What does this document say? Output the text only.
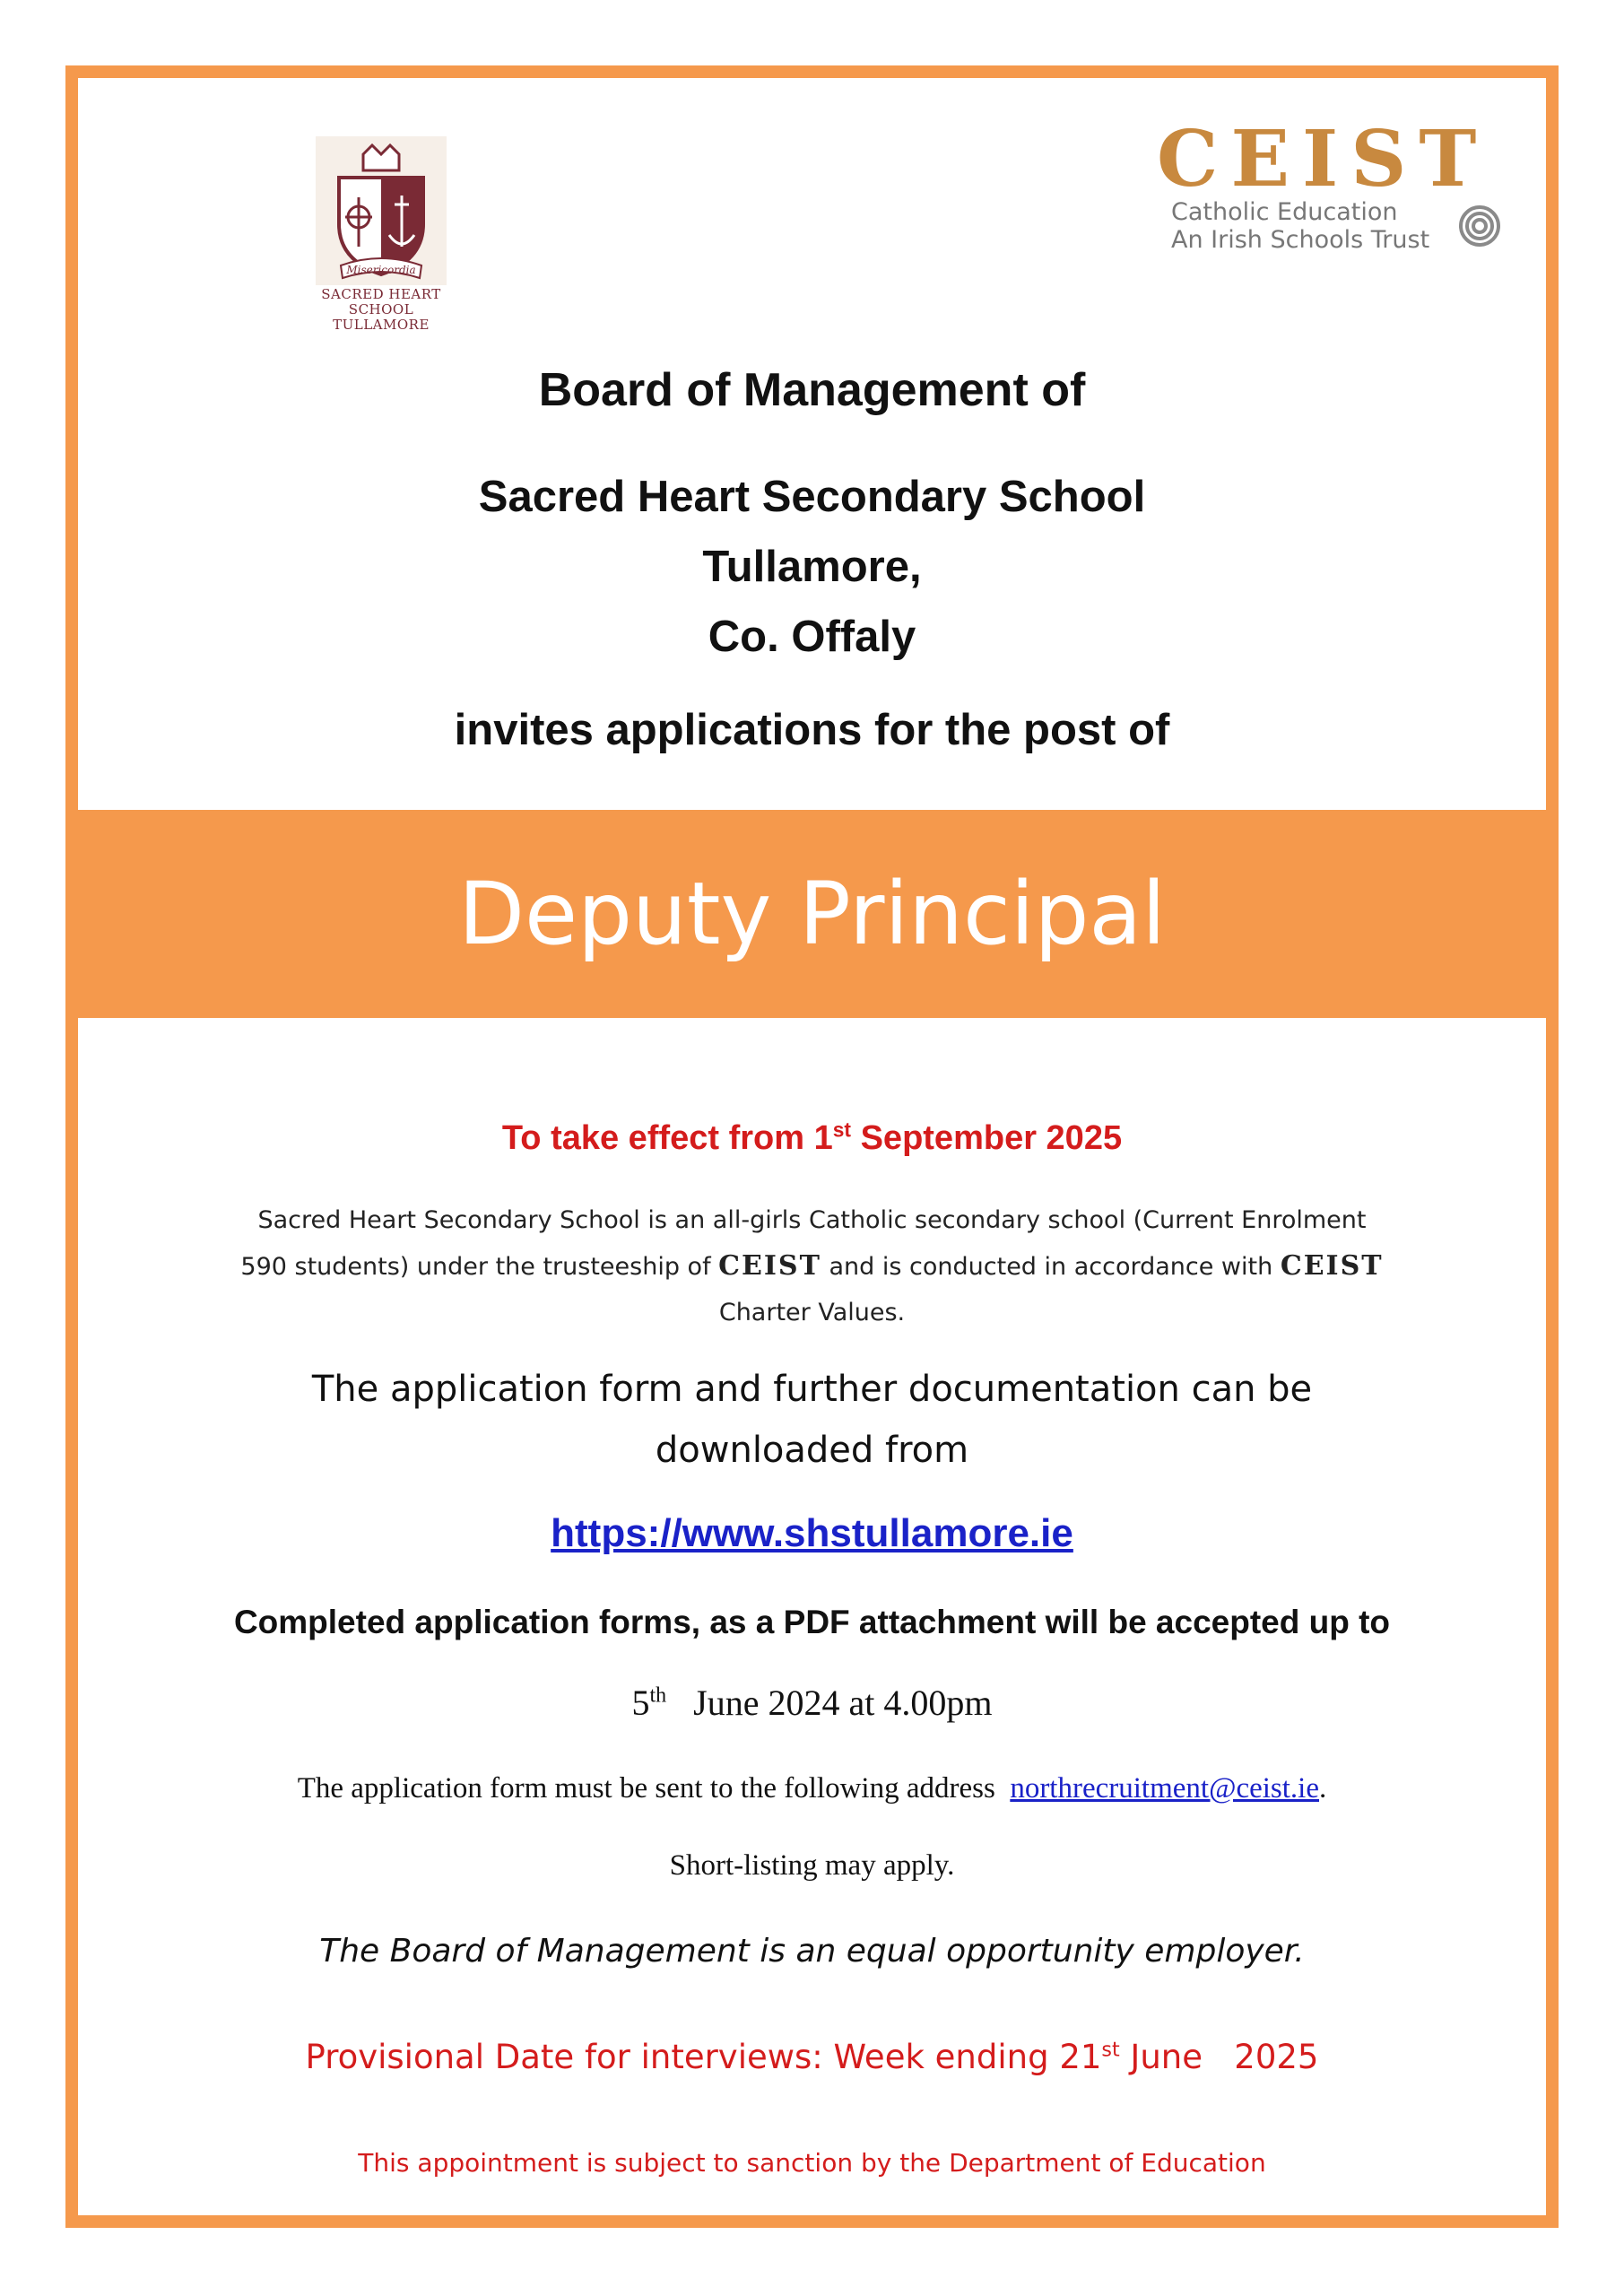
Misericordia
SACRED HEART SCHOOL
TULLAMORE
CEIST
Catholic Education
An Irish Schools Trust
Board of Management of
Sacred Heart Secondary School
Tullamore,
Co. Offaly
invites applications for the post of
Deputy Principal
To take effect from 1st September 2025
Sacred Heart Secondary School is an all-girls Catholic secondary school (Current Enrolment 590 students) under the trusteeship of CEIST and is conducted in accordance with CEIST Charter Values.
The application form and further documentation can be downloaded from
https://www.shstullamore.ie
Completed application forms, as a PDF attachment will be accepted up to
5th   June 2024 at 4.00pm
The application form must be sent to the following address  northrecruitment@ceist.ie.
Short-listing may apply.
The Board of Management is an equal opportunity employer.
Provisional Date for interviews: Week ending 21st June   2025
This appointment is subject to sanction by the Department of Education
